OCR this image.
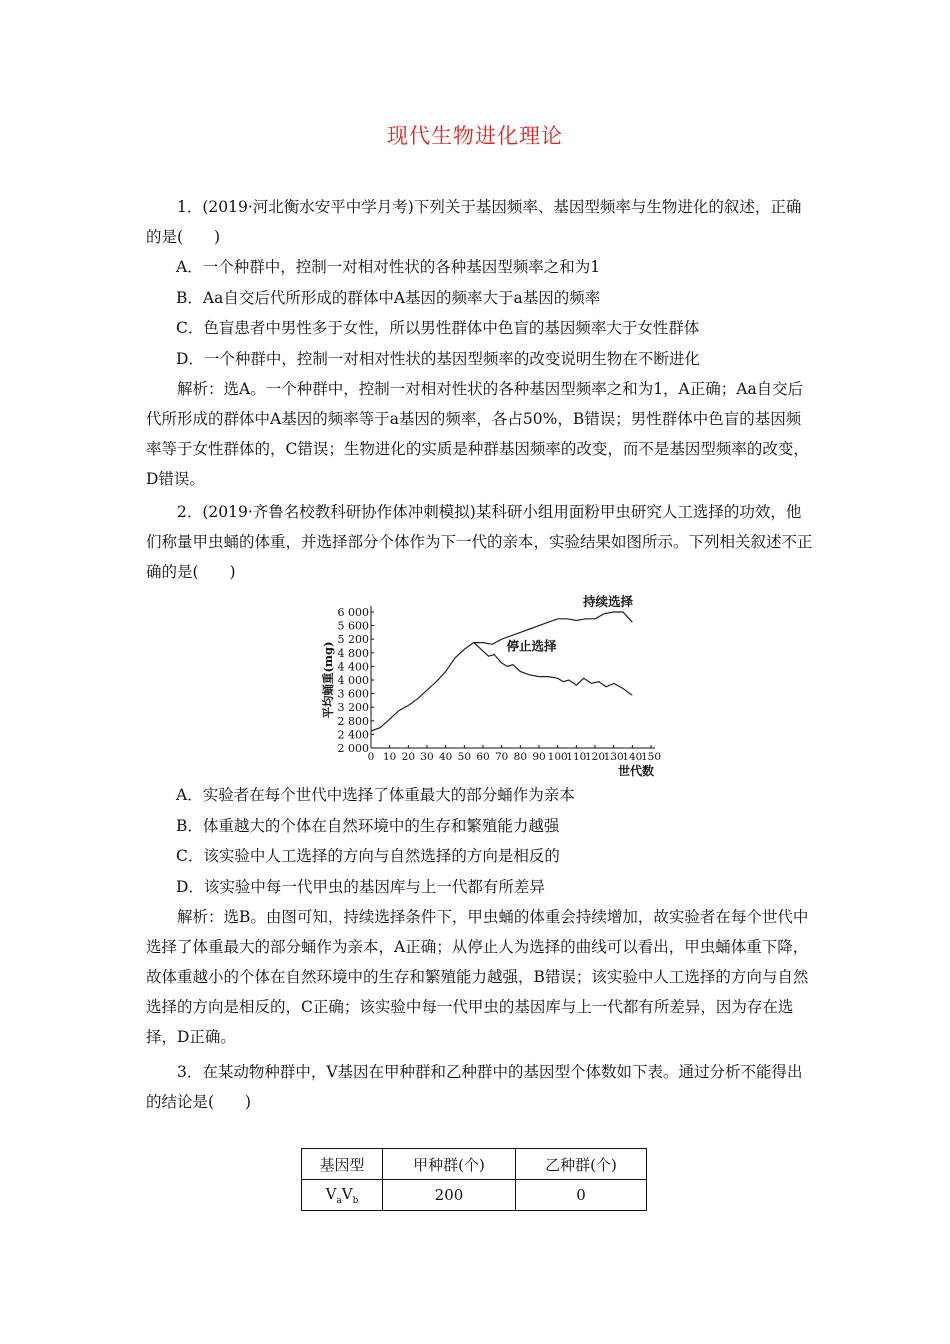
现代生物进化理论

1．(2019·河北衡水安平中学月考)下列关于基因频率、基因型频率与生物进化的叙述，正确的是(　　)

A．一个种群中，控制一对相对性状的各种基因型频率之和为1
B．Aa自交后代所形成的群体中A基因的频率大于a基因的频率
C．色盲患者中男性多于女性，所以男性群体中色盲的基因频率大于女性群体
D．一个种群中，控制一对相对性状的基因型频率的改变说明生物在不断进化

解析：选A。一个种群中，控制一对相对性状的各种基因型频率之和为1，A正确；Aa自交后代所形成的群体中A基因的频率等于a基因的频率，各占50%，B错误；男性群体中色盲的基因频率等于女性群体的，C错误；生物进化的实质是种群基因频率的改变，而不是基因型频率的改变，D错误。

2．(2019·齐鲁名校教科研协作体冲刺模拟)某科研小组用面粉甲虫研究人工选择的功效，他们称量甲虫蛹的体重，并选择部分个体作为下一代的亲本，实验结果如图所示。下列相关叙述不正确的是(　　)

2 000
2 400
2 800
3 200
3 600
4 000
4 400
4 800
5 200
5 600
6 000
0 10 20 30 40 50 60 70 80 90 100
110
120
130
140
150
持续选择
停止选择
世代数
平均蛹重(mg)
A．实验者在每个世代中选择了体重最大的部分蛹作为亲本
B．体重越大的个体在自然环境中的生存和繁殖能力越强
C．该实验中人工选择的方向与自然选择的方向是相反的
D．该实验中每一代甲虫的基因库与上一代都有所差异

解析：选B。由图可知，持续选择条件下，甲虫蛹的体重会持续增加，故实验者在每个世代中选择了体重最大的部分蛹作为亲本，A正确；从停止人为选择的曲线可以看出，甲虫蛹体重下降，故体重越小的个体在自然环境中的生存和繁殖能力越强，B错误；该实验中人工选择的方向与自然选择的方向是相反的，C正确；该实验中每一代甲虫的基因库与上一代都有所差异，因为存在选择，D正确。

3．在某动物种群中，V基因在甲种群和乙种群中的基因型个体数如下表。通过分析不能得出的结论是(　　)

基因型	甲种群(个)	乙种群(个)
$V_aV_b$	200	0
